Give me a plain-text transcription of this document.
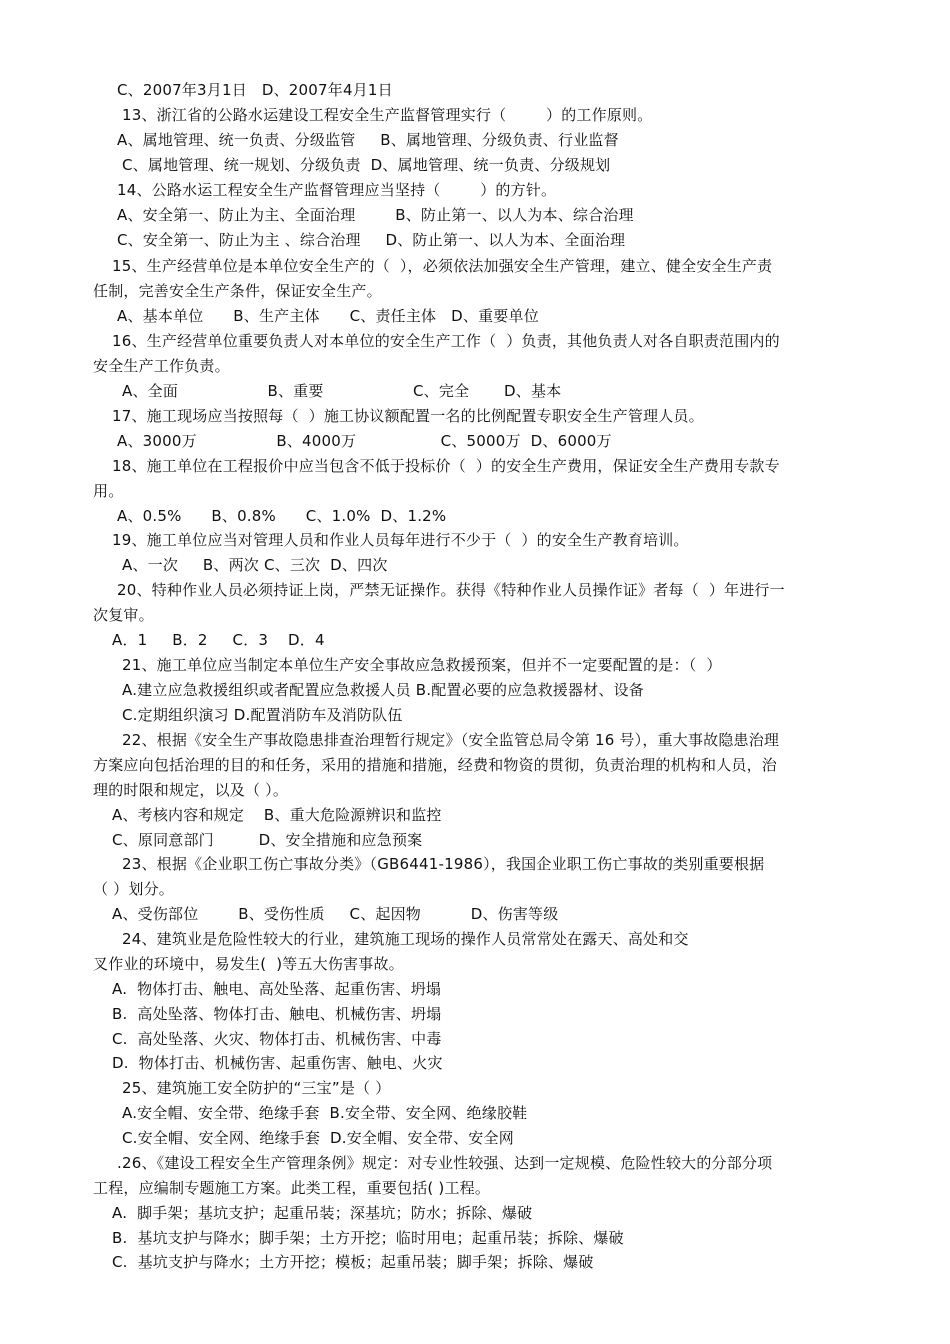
C、2007年3月1日   D、2007年4月1日
13、浙江省的公路水运建设工程安全生产监督管理实行（        ）的工作原则。
A、属地管理、统一负责、分级监管     B、属地管理、分级负责、行业监督
C、属地管理、统一规划、分级负责  D、属地管理、统一负责、分级规划
14、公路水运工程安全生产监督管理应当坚持（        ）的方针。
A、安全第一、防止为主、全面治理        B、防止第一、以人为本、综合治理
C、安全第一、防止为主 、综合治理     D、防止第一、以人为本、全面治理
15、生产经营单位是本单位安全生产的（  ），必须依法加强安全生产管理，建立、健全安全生产责
任制，完善安全生产条件，保证安全生产。
A、基本单位      B、生产主体      C、责任主体   D、重要单位
16、生产经营单位重要负责人对本单位的安全生产工作（  ）负责，其他负责人对各自职责范围内的
安全生产工作负责。
A、全面                  B、重要                  C、完全       D、基本
17、施工现场应当按照每（  ）施工协议额配置一名的比例配置专职安全生产管理人员。
A、3000万                B、4000万                 C、5000万  D、6000万
18、施工单位在工程报价中应当包含不低于投标价（  ）的安全生产费用，保证安全生产费用专款专
用。
A、0.5%      B、0.8%      C、1.0%  D、1.2%
19、施工单位应当对管理人员和作业人员每年进行不少于（  ）的安全生产教育培训。
A、一次     B、两次 C、三次  D、四次
20、特种作业人员必须持证上岗，严禁无证操作。获得《特种作业人员操作证》者每（  ）年进行一
次复审。
A．1     B．2     C．3    D．4
21、施工单位应当制定本单位生产安全事故应急救援预案，但并不一定要配置的是：（  ）
A.建立应急救援组织或者配置应急救援人员 B.配置必要的应急救援器材、设备
C.定期组织演习 D.配置消防车及消防队伍
22、根据《安全生产事故隐患排查治理暂行规定》（安全监管总局令第 16 号），重大事故隐患治理
方案应向包括治理的目的和任务，采用的措施和措施，经费和物资的贯彻，负责治理的机构和人员，治
理的时限和规定，以及（ ）。
A、考核内容和规定    B、重大危险源辨识和监控
C、原同意部门         D、安全措施和应急预案
23、根据《企业职工伤亡事故分类》（GB6441-1986），我国企业职工伤亡事故的类别重要根据
（ ）划分。
A、受伤部位        B、受伤性质     C、起因物          D、伤害等级
24、建筑业是危险性较大的行业，建筑施工现场的操作人员常常处在露天、高处和交
叉作业的环境中，易发生(  )等五大伤害事故。
A.  物体打击、触电、高处坠落、起重伤害、坍塌
B.  高处坠落、物体打击、触电、机械伤害、坍塌
C.  高处坠落、火灾、物体打击、机械伤害、中毒
D.  物体打击、机械伤害、起重伤害、触电、火灾
25、建筑施工安全防护的“三宝”是（ ）
A.安全帽、安全带、绝缘手套  B.安全带、安全网、绝缘胶鞋
C.安全帽、安全网、绝缘手套  D.安全帽、安全带、安全网
.26、《建设工程安全生产管理条例》规定：对专业性较强、达到一定规模、危险性较大的分部分项
工程，应编制专题施工方案。此类工程，重要包括( )工程。
A.  脚手架；基坑支护；起重吊装；深基坑；防水；拆除、爆破
B.  基坑支护与降水；脚手架；土方开挖；临时用电；起重吊装；拆除、爆破
C.  基坑支护与降水；土方开挖；模板；起重吊装；脚手架；拆除、爆破
